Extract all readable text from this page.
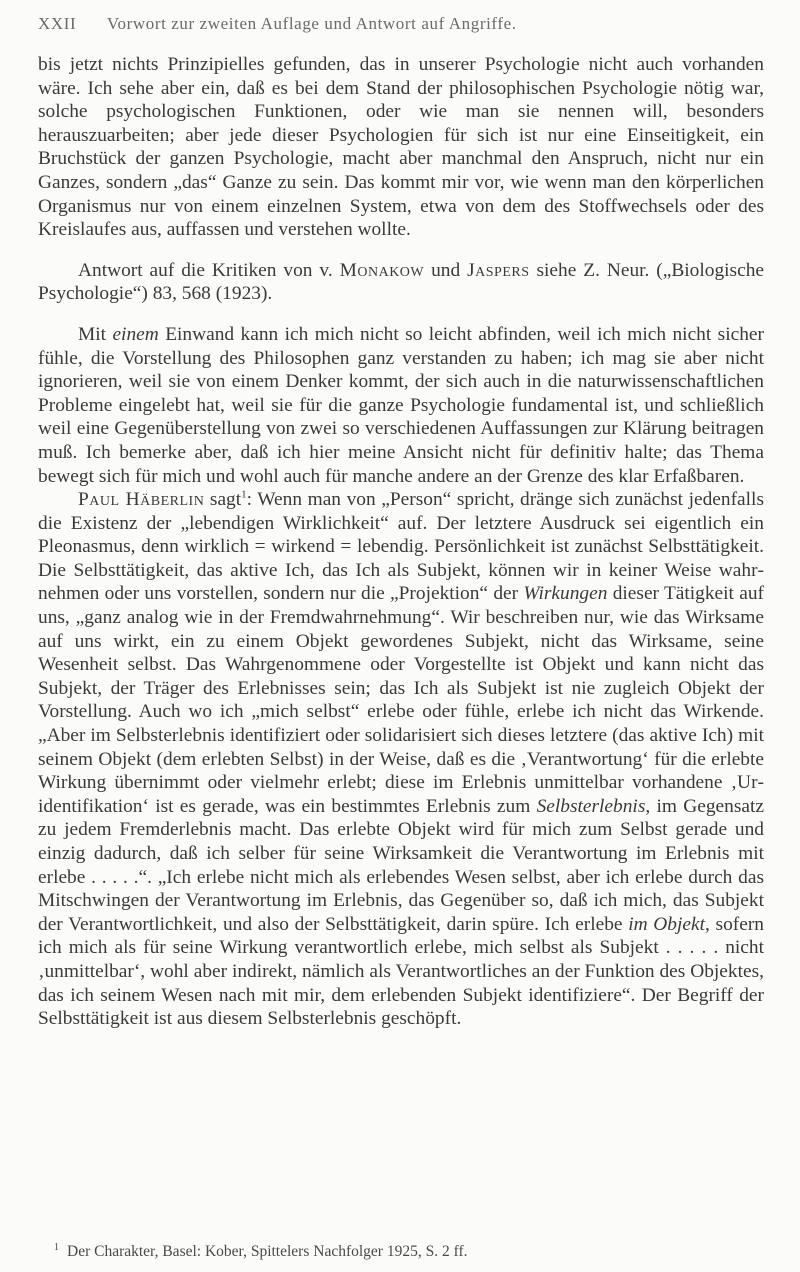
XXII Vorwort zur zweiten Auflage und Antwort auf Angriffe.

bis jetzt nichts Prinzipielles gefunden, das in unserer Psychologie nicht auch vorhanden wäre. Ich sehe aber ein, daß es bei dem Stand der philosophischen Psychologie nötig war, solche psychologischen Funktionen, oder wie man sie nennen will, besonders herauszuarbeiten; aber jede dieser Psychologien für sich ist nur eine Einseitigkeit, ein Bruchstück der ganzen Psychologie, macht aber manchmal den Anspruch, nicht nur ein Ganzes, sondern „das“ Ganze zu sein. Das kommt mir vor, wie wenn man den körperlichen Organismus nur von einem einzelnen System, etwa von dem des Stoffwechsels oder des Kreislaufes aus, auffassen und verstehen wollte.

Antwort auf die Kritiken von v. Monakow und Jaspers siehe Z. Neur. („Biologische Psychologie“) 83, 568 (1923).

Mit einem Einwand kann ich mich nicht so leicht abfinden, weil ich mich nicht sicher fühle, die Vorstellung des Philosophen ganz verstanden zu haben; ich mag sie aber nicht ignorieren, weil sie von einem Denker kommt, der sich auch in die naturwissenschaftlichen Probleme eingelebt hat, weil sie für die ganze Psychologie fundamental ist, und schließlich weil eine Gegenüberstellung von zwei so verschiedenen Auffassungen zur Klärung beitragen muß. Ich bemerke aber, daß ich hier meine Ansicht nicht für definitiv halte; das Thema bewegt sich für mich und wohl auch für manche andere an der Grenze des klar Erfaßbaren.

Paul Häberlin sagt$^1$: Wenn man von „Person“ spricht, dränge sich zunächst jedenfalls die Existenz der „lebendigen Wirklichkeit“ auf. Der letztere Ausdruck sei eigentlich ein Pleonasmus, denn wirklich = wirkend = lebendig. Persönlichkeit ist zunächst Selbsttätigkeit. Die Selbsttätigkeit, das aktive Ich, das Ich als Subjekt, können wir in keiner Weise wahrnehmen oder uns vorstellen, sondern nur die „Projektion“ der Wirkungen dieser Tätigkeit auf uns, „ganz analog wie in der Fremdwahrnehmung“. Wir beschreiben nur, wie das Wirksame auf uns wirkt, ein zu einem Objekt gewordenes Subjekt, nicht das Wirksame, seine Wesenheit selbst. Das Wahrgenommene oder Vorgestellte ist Objekt und kann nicht das Subjekt, der Träger des Erlebnisses sein; das Ich als Subjekt ist nie zugleich Objekt der Vorstellung. Auch wo ich „mich selbst“ erlebe oder fühle, erlebe ich nicht das Wirkende. „Aber im Selbsterlebnis identifiziert oder solidarisiert sich dieses letztere (das aktive Ich) mit seinem Objekt (dem erlebten Selbst) in der Weise, daß es die ‚Verantwortung‘ für die erlebte Wirkung übernimmt oder vielmehr erlebt; diese im Erlebnis unmittelbar vorhandene ‚Uridentifikation‘ ist es gerade, was ein bestimmtes Erlebnis zum Selbsterlebnis, im Gegensatz zu jedem Fremderlebnis macht. Das erlebte Objekt wird für mich zum Selbst gerade und einzig dadurch, daß ich selber für seine Wirksamkeit die Verantwortung im Erlebnis mit erlebe . . . . .“. „Ich erlebe nicht mich als erlebendes Wesen selbst, aber ich erlebe durch das Mitschwingen der Verantwortung im Erlebnis, das Gegenüber so, daß ich mich, das Subjekt der Verantwortlichkeit, und also der Selbsttätigkeit, darin spüre. Ich erlebe im Objekt, sofern ich mich als für seine Wirkung verantwortlich erlebe, mich selbst als Subjekt . . . . . nicht ‚unmittelbar‘, wohl aber indirekt, nämlich als Verantwortliches an der Funktion des Objektes, das ich seinem Wesen nach mit mir, dem erlebenden Subjekt identifiziere“. Der Begriff der Selbsttätigkeit ist aus diesem Selbsterlebnis geschöpft.

$^1$ Der Charakter, Basel: Kober, Spittelers Nachfolger 1925, S. 2 ff.
